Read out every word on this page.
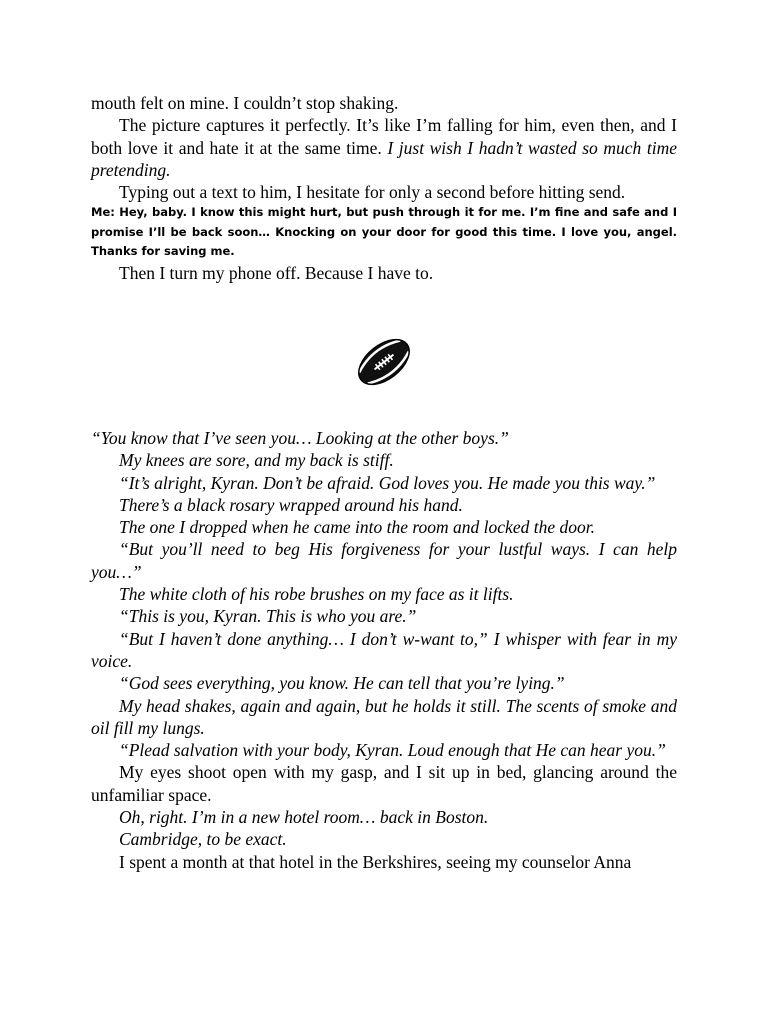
mouth felt on mine. I couldn’t stop shaking.

The picture captures it perfectly. It’s like I’m falling for him, even then, and I both love it and hate it at the same time. I just wish I hadn’t wasted so much time pretending.

Typing out a text to him, I hesitate for only a second before hitting send.

Me: Hey, baby. I know this might hurt, but push through it for me. I’m fine and safe and I promise I’ll be back soon… Knocking on your door for good this time. I love you, angel. Thanks for saving me.

Then I turn my phone off. Because I have to.

“You know that I’ve seen you… Looking at the other boys.”

My knees are sore, and my back is stiff.

“It’s alright, Kyran. Don’t be afraid. God loves you. He made you this way.”

There’s a black rosary wrapped around his hand.

The one I dropped when he came into the room and locked the door.

“But you’ll need to beg His forgiveness for your lustful ways. I can help you…”

The white cloth of his robe brushes on my face as it lifts.

“This is you, Kyran. This is who you are.”

“But I haven’t done anything… I don’t w-want to,” I whisper with fear in my voice.

“God sees everything, you know. He can tell that you’re lying.”

My head shakes, again and again, but he holds it still. The scents of smoke and oil fill my lungs.

“Plead salvation with your body, Kyran. Loud enough that He can hear you.”

My eyes shoot open with my gasp, and I sit up in bed, glancing around the unfamiliar space.

Oh, right. I’m in a new hotel room… back in Boston.

Cambridge, to be exact.

I spent a month at that hotel in the Berkshires, seeing my counselor Anna
